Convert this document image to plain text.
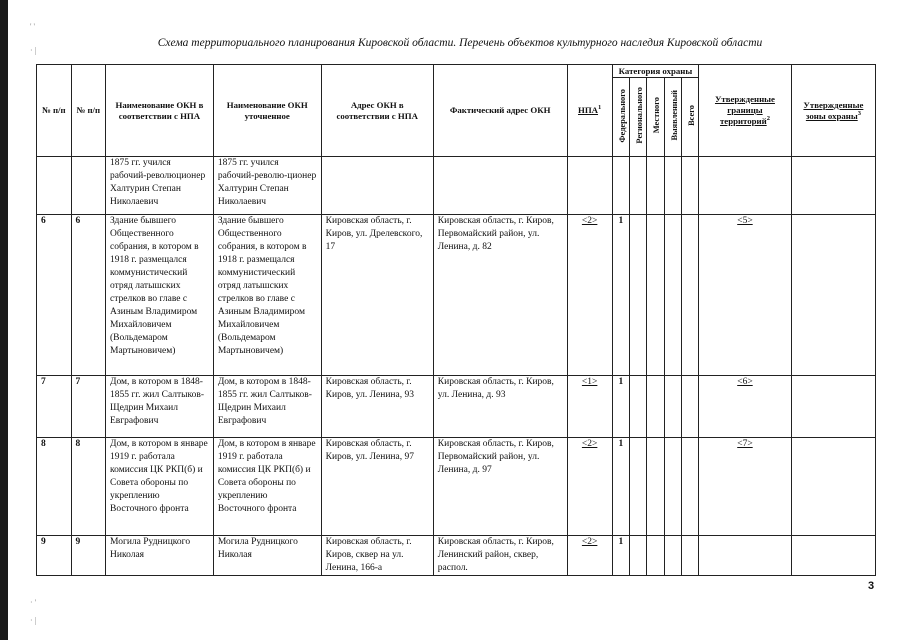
' '
· |
· '
· |
Схема территориального планирования Кировской области. Перечень объектов культурного наследия Кировской области
№ п/п	№ п/п	Наименование ОКН в соответствии с НПА	Наименование ОКН уточненное	Адрес ОКН в соответствии с НПА	Фактический адрес ОКН	НПА$^1$	Категория охраны					Утвержденные границы территорий$^2$	Утвержденные зоны охраны$^3$
							Федерального	Регионального	Местного	Выявленный	Всего		
		1875 гг. учился рабочий-революционер Халтурин Степан Николаевич	1875 гг. учился рабочий-револю-ционер Халтурин Степан Николаевич										
6	6	Здание бывшего Общественного собрания, в котором в 1918 г. размещался коммунистический отряд латышских стрелков во главе с Азиным Владимиром Михайловичем (Вольдемаром Мартыновичем)	Здание бывшего Общественного собрания, в котором в 1918 г. размещался коммунистический отряд латышских стрелков во главе с Азиным Владимиром Михайловичем (Вольдемаром Мартыновичем)	Кировская область, г. Киров, ул. Дрелевского, 17	Кировская область, г. Киров, Первомайский район, ул. Ленина, д. 82	<2>	1					<5>	
7	7	Дом, в котором в 1848-1855 гг. жил Салтыков-Щедрин Михаил Евграфович	Дом, в котором в 1848-1855 гг. жил Салтыков-Щедрин Михаил Евграфович	Кировская область, г. Киров, ул. Ленина, 93	Кировская область, г. Киров, ул. Ленина, д. 93	<1>	1					<6>	
8	8	Дом, в котором в январе 1919 г. работала комиссия ЦК РКП(б) и Совета обороны по укреплению Восточного фронта	Дом, в котором в январе 1919 г. работала комиссия ЦК РКП(б) и Совета обороны по укреплению Восточного фронта	Кировская область, г. Киров, ул. Ленина, 97	Кировская область, г. Киров, Первомайский район, ул. Ленина, д. 97	<2>	1					<7>	
9	9	Могила Рудницкого Николая	Могила Рудницкого Николая	Кировская область, г. Киров, сквер на ул. Ленина, 166-а	Кировская область, г. Киров, Ленинский район, сквер, распол.	<2>	1						
3
